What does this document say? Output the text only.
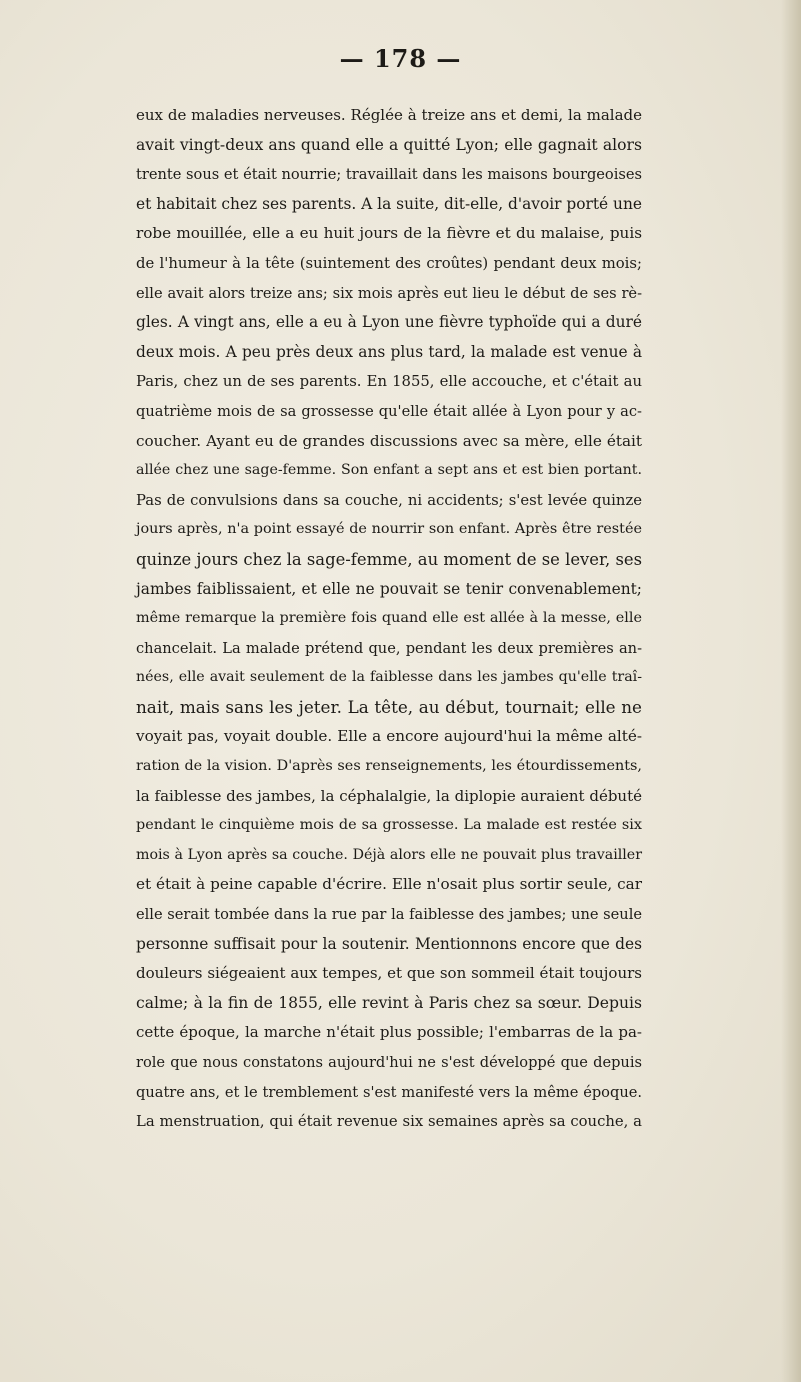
— 178 —
eux de maladies nerveuses. Réglée à treize ans et demi, la malade
avait vingt-deux ans quand elle a quitté Lyon; elle gagnait alors
trente sous et était nourrie; travaillait dans les maisons bourgeoises
et habitait chez ses parents. A la suite, dit-elle, d'avoir porté une
robe mouillée, elle a eu huit jours de la fièvre et du malaise, puis
de l'humeur à la tête (suintement des croûtes) pendant deux mois;
elle avait alors treize ans; six mois après eut lieu le début de ses rè-
gles. A vingt ans, elle a eu à Lyon une fièvre typhoïde qui a duré
deux mois. A peu près deux ans plus tard, la malade est venue à
Paris, chez un de ses parents. En 1855, elle accouche, et c'était au
quatrième mois de sa grossesse qu'elle était allée à Lyon pour y ac-
coucher. Ayant eu de grandes discussions avec sa mère, elle était
allée chez une sage-femme. Son enfant a sept ans et est bien portant.
Pas de convulsions dans sa couche, ni accidents; s'est levée quinze
jours après, n'a point essayé de nourrir son enfant. Après être restée
quinze jours chez la sage-femme, au moment de se lever, ses
jambes faiblissaient, et elle ne pouvait se tenir convenablement;
même remarque la première fois quand elle est allée à la messe, elle
chancelait. La malade prétend que, pendant les deux premières an-
nées, elle avait seulement de la faiblesse dans les jambes qu'elle traî-
nait, mais sans les jeter. La tête, au début, tournait; elle ne
voyait pas, voyait double. Elle a encore aujourd'hui la même alté-
ration de la vision. D'après ses renseignements, les étourdissements,
la faiblesse des jambes, la céphalalgie, la diplopie auraient débuté
pendant le cinquième mois de sa grossesse. La malade est restée six
mois à Lyon après sa couche. Déjà alors elle ne pouvait plus travailler
et était à peine capable d'écrire. Elle n'osait plus sortir seule, car
elle serait tombée dans la rue par la faiblesse des jambes; une seule
personne suffisait pour la soutenir. Mentionnons encore que des
douleurs siégeaient aux tempes, et que son sommeil était toujours
calme; à la fin de 1855, elle revint à Paris chez sa sœur. Depuis
cette époque, la marche n'était plus possible; l'embarras de la pa-
role que nous constatons aujourd'hui ne s'est développé que depuis
quatre ans, et le tremblement s'est manifesté vers la même époque.
La menstruation, qui était revenue six semaines après sa couche, a
